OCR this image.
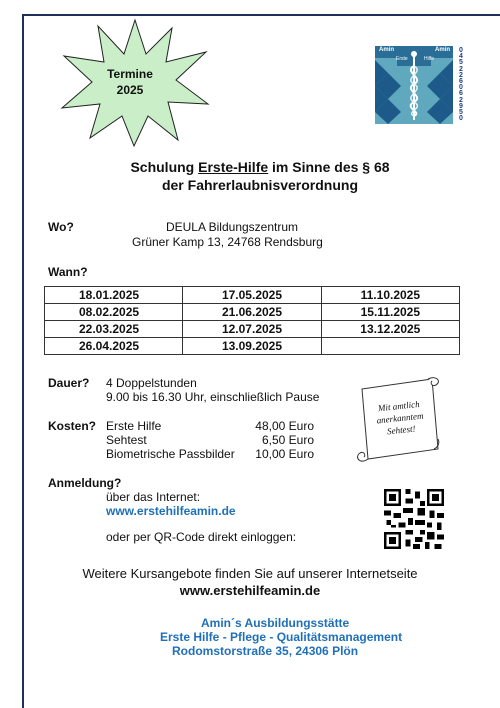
Termine
2025
Amin	Amin
Erste	Hilfe
0 4 5 2 2 6 0 6 2 9 5 0
Schulung Erste-Hilfe im Sinne des § 68
der Fahrerlaubnisverordnung
Wo?	DEULA Bildungszentrum
Grüner Kamp 13, 24768 Rendsburg
Wann?
18.01.2025	17.05.2025	11.10.2025
08.02.2025	21.06.2025	15.11.2025
22.03.2025	12.07.2025	13.12.2025
26.04.2025	13.09.2025	
Dauer? 4 Doppelstunden
9.00 bis 16.30 Uhr, einschließlich Pause
Kosten? Erste Hilfe	48,00 Euro
Sehtest	6,50 Euro
Biometrische Passbilder 10,00 Euro
Mit amtlich
anerkanntem
Sehtest!
Anmeldung?
über das Internet:
www.erstehilfeamin.de
oder per QR-Code direkt einloggen:
Weitere Kursangebote finden Sie auf unserer Internetseite
www.erstehilfeamin.de
Amin´s Ausbildungsstätte
Erste Hilfe - Pflege - Qualitätsmanagement
Rodomstorstraße 35, 24306 Plön
